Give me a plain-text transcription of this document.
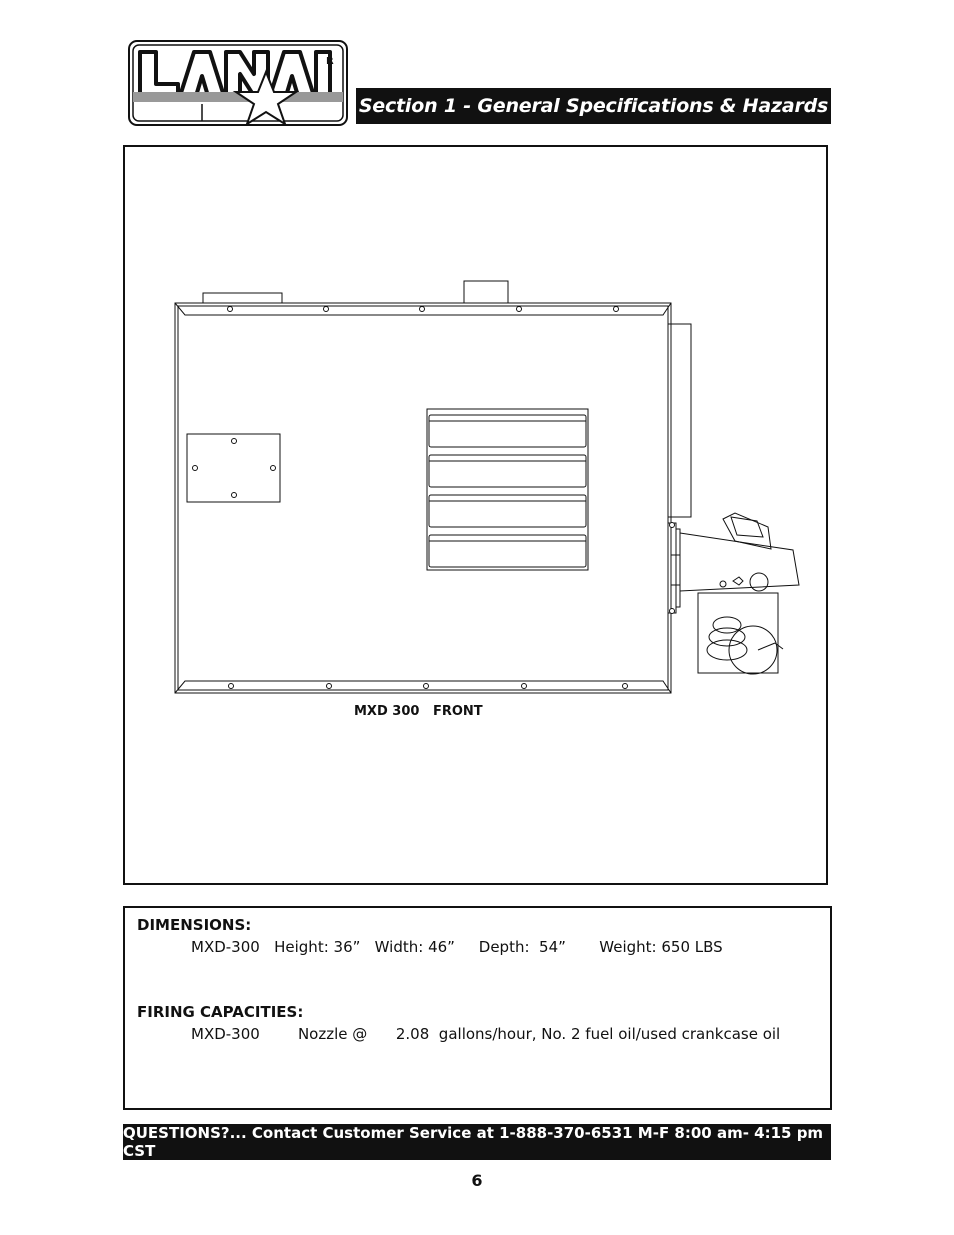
R
Section 1 - General Specifications & Hazards
MXD 300   FRONT
DIMENSIONS:
MXD-300   Height: 36”   Width: 46”     Depth:  54”       Weight: 650 LBS
FIRING CAPACITIES:
MXD-300        Nozzle @      2.08  gallons/hour, No. 2 fuel oil/used crankcase oil
QUESTIONS?... Contact Customer Service at 1-888-370-6531 M-F 8:00 am- 4:15 pm CST
6
